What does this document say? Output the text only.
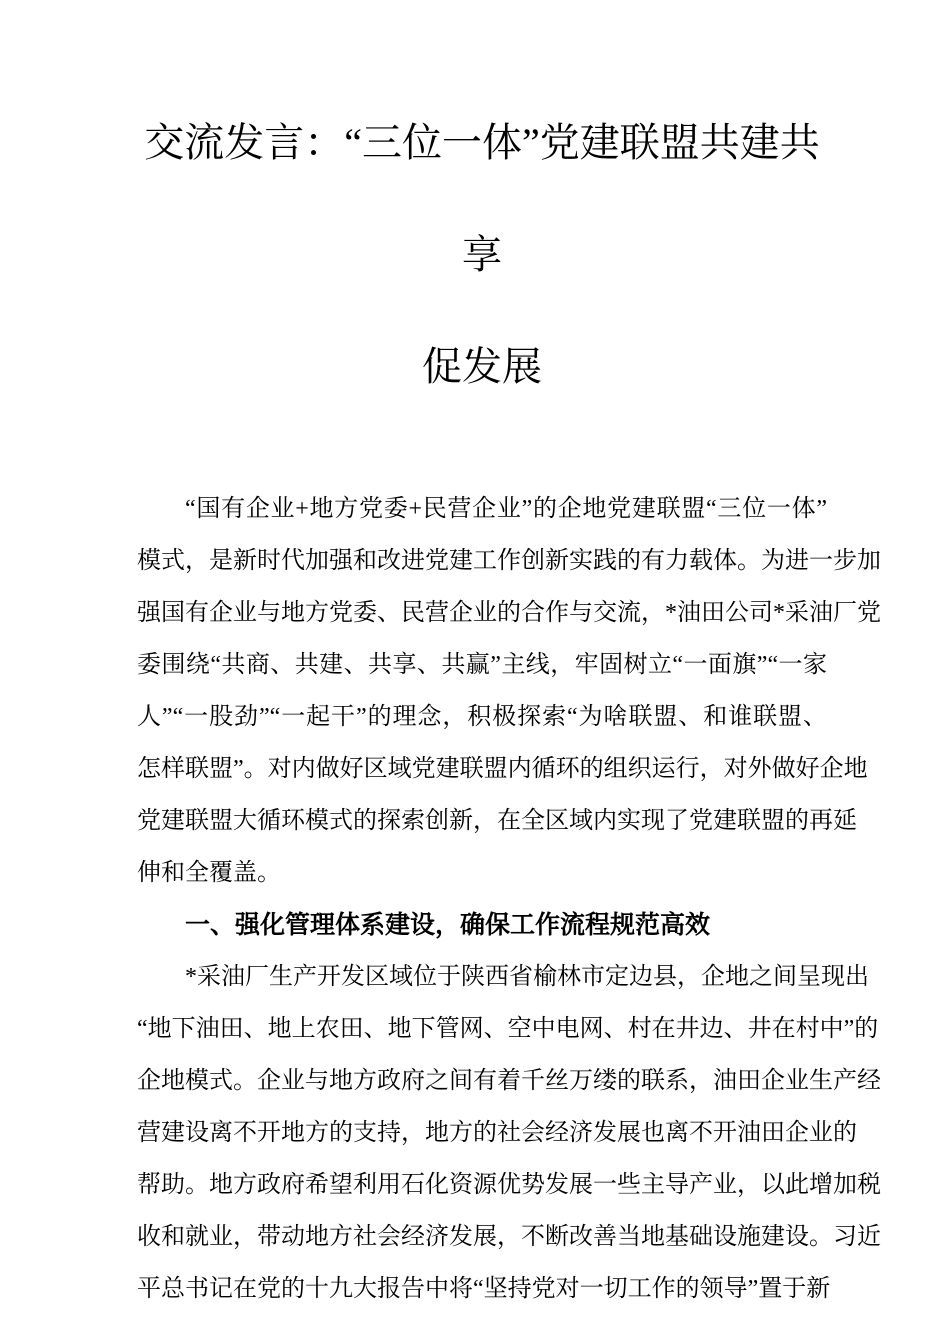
交流发言：“三位一体”党建联盟共建共享
促发展
“国有企业+地方党委+民营企业”的企地党建联盟“三位一体”
模式，是新时代加强和改进党建工作创新实践的有力载体。为进一步加
强国有企业与地方党委、民营企业的合作与交流，*油田公司*采油厂党
委围绕“共商、共建、共享、共赢”主线，牢固树立“一面旗”“一家
人”“一股劲”“一起干”的理念，积极探索“为啥联盟、和谁联盟、
怎样联盟”。对内做好区域党建联盟内循环的组织运行，对外做好企地
党建联盟大循环模式的探索创新，在全区域内实现了党建联盟的再延
伸和全覆盖。
一、强化管理体系建设，确保工作流程规范高效
*采油厂生产开发区域位于陕西省榆林市定边县，企地之间呈现出
“地下油田、地上农田、地下管网、空中电网、村在井边、井在村中”的
企地模式。企业与地方政府之间有着千丝万缕的联系，油田企业生产经
营建设离不开地方的支持，地方的社会经济发展也离不开油田企业的
帮助。地方政府希望利用石化资源优势发展一些主导产业，以此增加税
收和就业，带动地方社会经济发展，不断改善当地基础设施建设。习近
平总书记在党的十九大报告中将“坚持党对一切工作的领导”置于新
